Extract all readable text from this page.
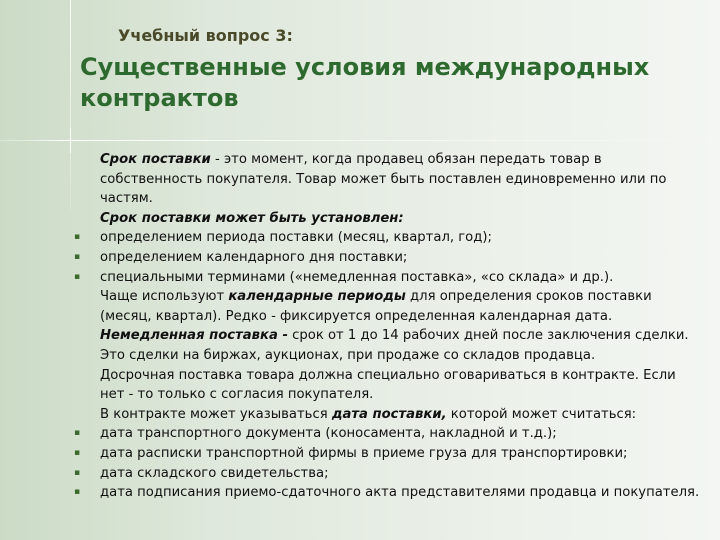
Учебный вопрос 3:
Существенные условия международных контрактов

Срок поставки - это момент, когда продавец обязан передать товар в собственность покупателя. Товар может быть поставлен единовременно или по частям.

Срок поставки может быть установлен:

▪	определением периода поставки (месяц, квартал, год);

▪	определением календарного дня поставки;

▪	специальными терминами («немедленная поставка», «со склада» и др.).

Чаще используют календарные периоды для определения сроков поставки (месяц, квартал). Редко - фиксируется определенная календарная дата.

Немедленная поставка - срок от 1 до 14 рабочих дней после заключения сделки. Это сделки на биржах, аукционах, при продаже со складов продавца.

Досрочная поставка товара должна специально оговариваться в контракте. Если нет - то только с согласия покупателя.

В контракте может указываться дата поставки, которой может считаться:

▪	дата транспортного документа (коносамента, накладной и т.д.);

▪	дата расписки транспортной фирмы в приеме груза для транспортировки;

▪	дата складского свидетельства;

▪	дата подписания приемо-сдаточного акта представителями продавца и покупателя.
